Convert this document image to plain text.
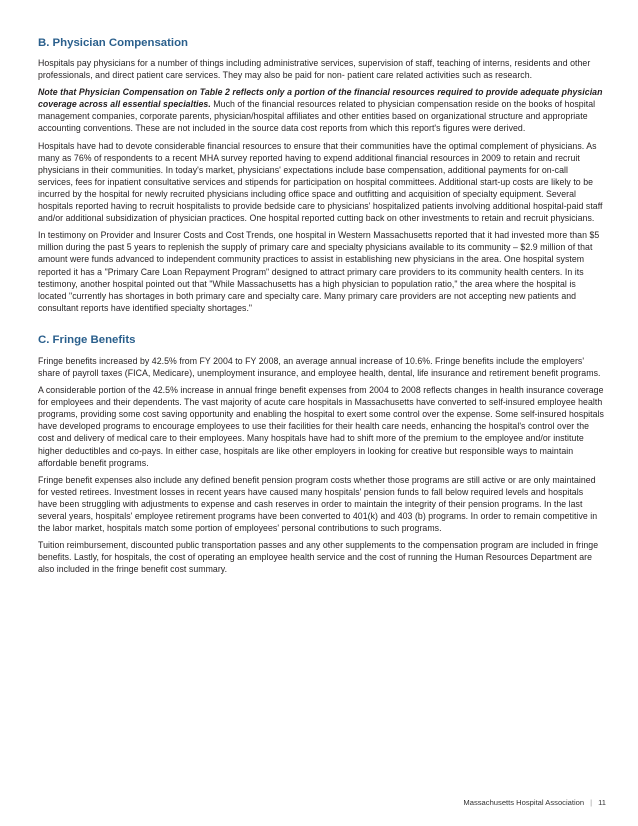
B. Physician Compensation

Hospitals pay physicians for a number of things including administrative services, supervision of staff, teaching of interns, residents and other professionals, and direct patient care services. They may also be paid for non- patient care related activities such as research.

Note that Physician Compensation on Table 2 reflects only a portion of the financial resources required to provide adequate physician coverage across all essential specialties. Much of the financial resources related to physician compensation reside on the books of hospital management companies, corporate parents, physician/hospital affiliates and other entities based on organizational structure and appropriate accounting conventions. These are not included in the source data cost reports from which this report's figures were derived.

Hospitals have had to devote considerable financial resources to ensure that their communities have the optimal complement of physicians. As many as 76% of respondents to a recent MHA survey reported having to expend additional financial resources in 2009 to retain and recruit physicians in their communities. In today's market, physicians' expectations include base compensation, additional payments for on-call services, fees for inpatient consultative services and stipends for participation on hospital committees. Additional start-up costs are likely to be incurred by the hospital for newly recruited physicians including office space and outfitting and acquisition of specialty equipment. Several hospitals reported having to recruit hospitalists to provide bedside care to physicians' hospitalized patients involving additional hospital-paid staff and/or additional subsidization of physician practices. One hospital reported cutting back on other investments to retain and recruit physicians.

In testimony on Provider and Insurer Costs and Cost Trends, one hospital in Western Massachusetts reported that it had invested more than $5 million during the past 5 years to replenish the supply of primary care and specialty physicians available to its community – $2.9 million of that amount were funds advanced to independent community practices to assist in establishing new physicians in the area. One hospital system reported it has a "Primary Care Loan Repayment Program" designed to attract primary care providers to its community health centers. In its testimony, another hospital pointed out that "While Massachusetts has a high physician to population ratio," the area where the hospital is located "currently has shortages in both primary care and specialty care. Many primary care providers are not accepting new patients and consultant reports have identified specialty shortages."

C. Fringe Benefits

Fringe benefits increased by 42.5% from FY 2004 to FY 2008, an average annual increase of 10.6%. Fringe benefits include the employers' share of payroll taxes (FICA, Medicare), unemployment insurance, and employee health, dental, life insurance and retirement benefit programs.

A considerable portion of the 42.5% increase in annual fringe benefit expenses from 2004 to 2008 reflects changes in health insurance coverage for employees and their dependents. The vast majority of acute care hospitals in Massachusetts have converted to self-insured employee health programs, providing some cost saving opportunity and enabling the hospital to exert some control over the expense. Some self-insured hospitals have developed programs to encourage employees to use their facilities for their health care needs, enhancing the hospital's control over the cost and delivery of medical care to their employees. Many hospitals have had to shift more of the premium to the employee and/or institute higher deductibles and co-pays. In either case, hospitals are like other employers in looking for creative but responsible ways to maintain affordable benefit programs.

Fringe benefit expenses also include any defined benefit pension program costs whether those programs are still active or are only maintained for vested retirees. Investment losses in recent years have caused many hospitals' pension funds to fall below required levels and hospitals have been struggling with adjustments to expense and cash reserves in order to maintain the integrity of their pension programs. In the last several years, hospitals' employee retirement programs have been converted to 401(k) and 403 (b) programs. In order to remain competitive in the labor market, hospitals match some portion of employees' personal contributions to such programs.

Tuition reimbursement, discounted public transportation passes and any other supplements to the compensation program are included in fringe benefits. Lastly, for hospitals, the cost of operating an employee health service and the cost of running the Human Resources Department are also included in the fringe benefit cost summary.

Massachusetts Hospital Association | 11
